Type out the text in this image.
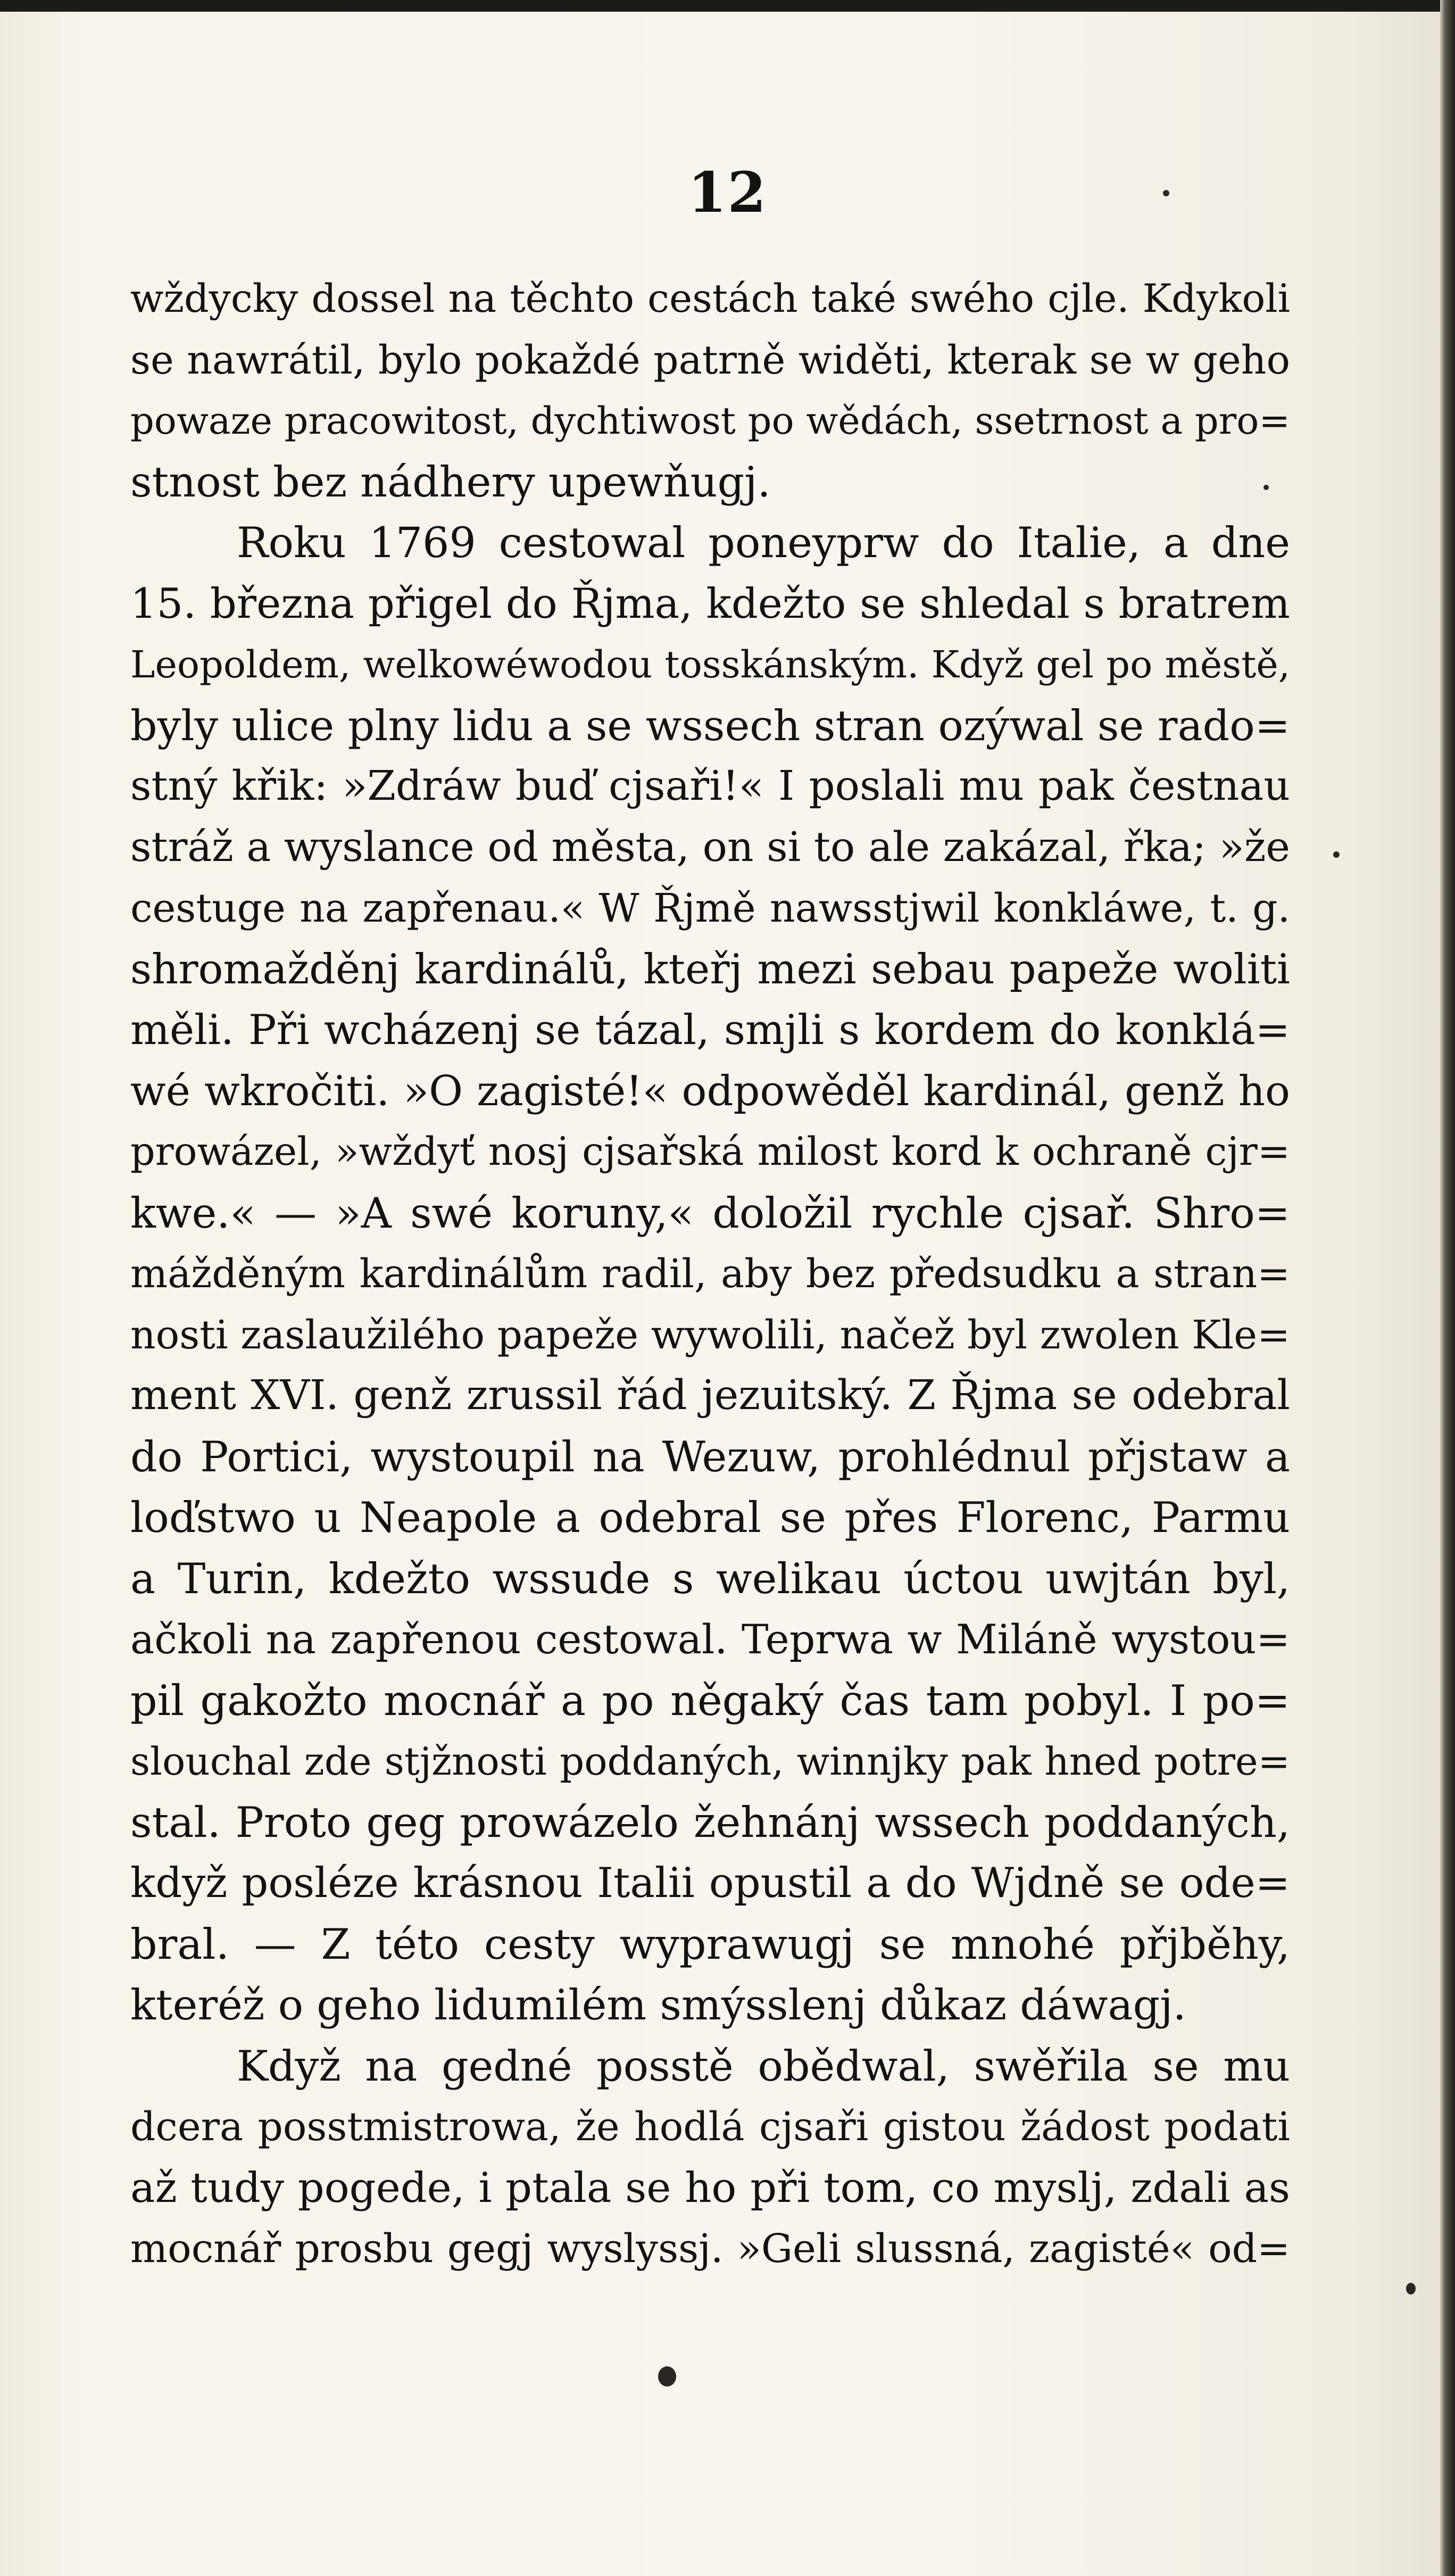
12
wždycky dossel na těchto cestách také swého cjle. Kdykoli
se nawrátil, bylo pokaždé patrně widěti, kterak se w geho
powaze pracowitost, dychtiwost po wědách, ssetrnost a pro=
stnost bez nádhery upewňugj.
Roku 1769 cestowal poneyprw do Italie, a dne
15. března přigel do Řjma, kdežto se shledal s bratrem
Leopoldem, welkowéwodou tosskánským. Když gel po městě,
byly ulice plny lidu a se wssech stran ozýwal se rado=
stný křik: »Zdráw buď cjsaři!« I poslali mu pak čestnau
stráž a wyslance od města, on si to ale zakázal, řka; »že
cestuge na zapřenau.« W Řjmě nawsstjwil konkláwe, t. g.
shromažděnj kardinálů, kteřj mezi sebau papeže woliti
měli. Při wcházenj se tázal, smjli s kordem do konklá=
wé wkročiti. »O zagisté!« odpowěděl kardinál, genž ho
prowázel, »wždyť nosj cjsařská milost kord k ochraně cjr=
kwe.« — »A swé koruny,« doložil rychle cjsař. Shro=
mážděným kardinálům radil, aby bez předsudku a stran=
nosti zaslaužilého papeže wywolili, načež byl zwolen Kle=
ment XVI. genž zrussil řád jezuitský. Z Řjma se odebral
do Portici, wystoupil na Wezuw, prohlédnul přjstaw a
loďstwo u Neapole a odebral se přes Florenc, Parmu
a Turin, kdežto wssude s welikau úctou uwjtán byl,
ačkoli na zapřenou cestowal. Teprwa w Miláně wystou=
pil gakožto mocnář a po něgaký čas tam pobyl. I po=
slouchal zde stjžnosti poddaných, winnjky pak hned potre=
stal. Proto geg prowázelo žehnánj wssech poddaných,
když posléze krásnou Italii opustil a do Wjdně se ode=
bral. — Z této cesty wyprawugj se mnohé přjběhy,
kteréž o geho lidumilém smýsslenj důkaz dáwagj.
Když na gedné posstě obědwal, swěřila se mu
dcera posstmistrowa, že hodlá cjsaři gistou žádost podati
až tudy pogede, i ptala se ho při tom, co myslj, zdali as
mocnář prosbu gegj wyslyssj. »Geli slussná, zagisté« od=
